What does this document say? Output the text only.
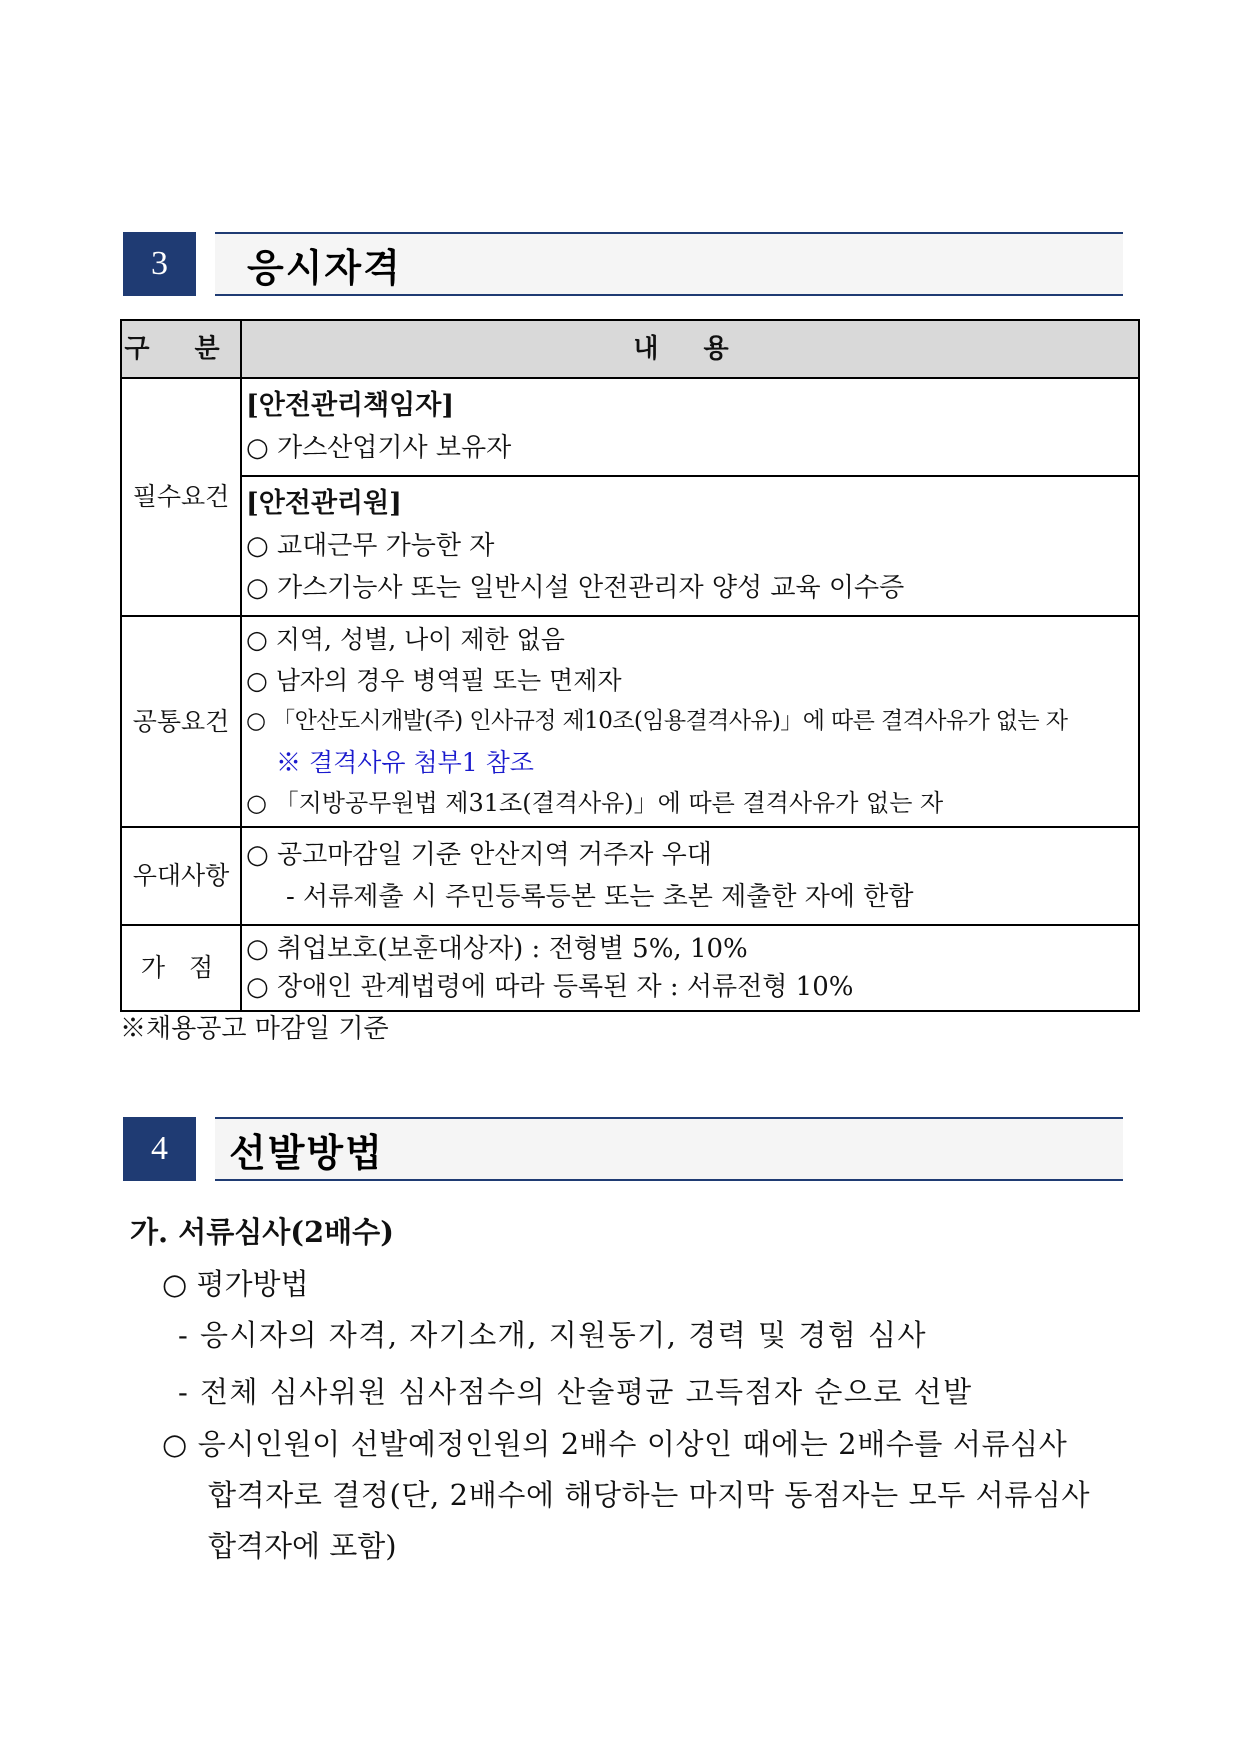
3	응시자격
구 분	내 용
필수요건	[안전관리책임자]
○ 가스산업기사 보유자

	[안전관리원]
○ 교대근무 가능한 자
○ 가스기능사 또는 일반시설 안전관리자 양성 교육 이수증

공통요건	○ 지역, 성별, 나이 제한 없음
○ 남자의 경우 병역필 또는 면제자
○ 「안산도시개발(주) 인사규정 제10조(임용결격사유)」에 따른 결격사유가 없는 자
※ 결격사유 첨부1 참조
○ 「지방공무원법 제31조(결격사유)」에 따른 결격사유가 없는 자

우대사항	○ 공고마감일 기준 안산지역 거주자 우대
- 서류제출 시 주민등록등본 또는 초본 제출한 자에 한함

가 점	○ 취업보호(보훈대상자) : 전형별 5%, 10%
○ 장애인 관계법령에 따라 등록된 자 : 서류전형 10%
※채용공고 마감일 기준
4	선발방법
가. 서류심사(2배수)
○ 평가방법
- 응시자의 자격, 자기소개, 지원동기, 경력 및 경험 심사
- 전체 심사위원 심사점수의 산술평균 고득점자 순으로 선발
○ 응시인원이 선발예정인원의 2배수 이상인 때에는 2배수를 서류심사
합격자로 결정(단, 2배수에 해당하는 마지막 동점자는 모두 서류심사
합격자에 포함)
